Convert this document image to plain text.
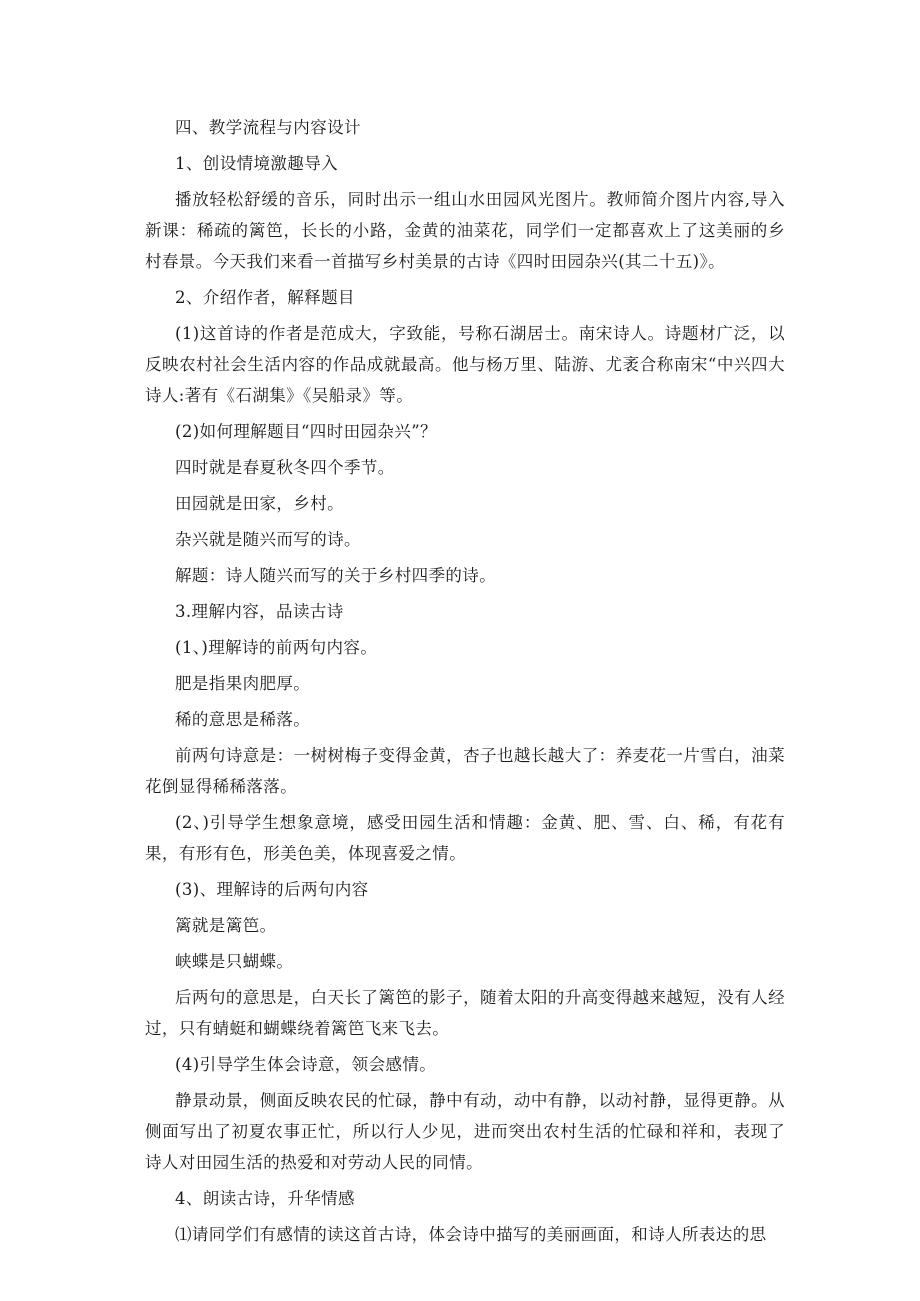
四、教学流程与内容设计

1、创设情境激趣导入

播放轻松舒缓的音乐，同时出示一组山水田园风光图片。教师简介图片内容,导入新课：稀疏的篱笆，长长的小路，金黄的油菜花，同学们一定都喜欢上了这美丽的乡村春景。今天我们来看一首描写乡村美景的古诗《四时田园杂兴(其二十五)》。

2、介绍作者，解释题目

(1)这首诗的作者是范成大，字致能，号称石湖居士。南宋诗人。诗题材广泛，以反映农村社会生活内容的作品成就最高。他与杨万里、陆游、尤袤合称南宋“中兴四大诗人:著有《石湖集》《吴船录》等。

(2)如何理解题目“四时田园杂兴”？

四时就是春夏秋冬四个季节。

田园就是田家，乡村。

杂兴就是随兴而写的诗。

解题：诗人随兴而写的关于乡村四季的诗。

3.理解内容，品读古诗

(1、)理解诗的前两句内容。

肥是指果肉肥厚。

稀的意思是稀落。

前两句诗意是：一树树梅子变得金黄，杏子也越长越大了：养麦花一片雪白，油菜花倒显得稀稀落落。

(2、)引导学生想象意境，感受田园生活和情趣：金黄、肥、雪、白、稀，有花有果，有形有色，形美色美，体现喜爱之情。

(3)、理解诗的后两句内容

篱就是篱笆。

峡蝶是只蝴蝶。

后两句的意思是，白天长了篱笆的影子，随着太阳的升高变得越来越短，没有人经过，只有蜻蜓和蝴蝶绕着篱笆飞来飞去。

(4)引导学生体会诗意，领会感情。

静景动景，侧面反映农民的忙碌，静中有动，动中有静，以动衬静，显得更静。从侧面写出了初夏农事正忙，所以行人少见，进而突出农村生活的忙碌和祥和，表现了诗人对田园生活的热爱和对劳动人民的同情。

4、朗读古诗，升华情感

⑴请同学们有感情的读这首古诗，体会诗中描写的美丽画面，和诗人所表达的思
